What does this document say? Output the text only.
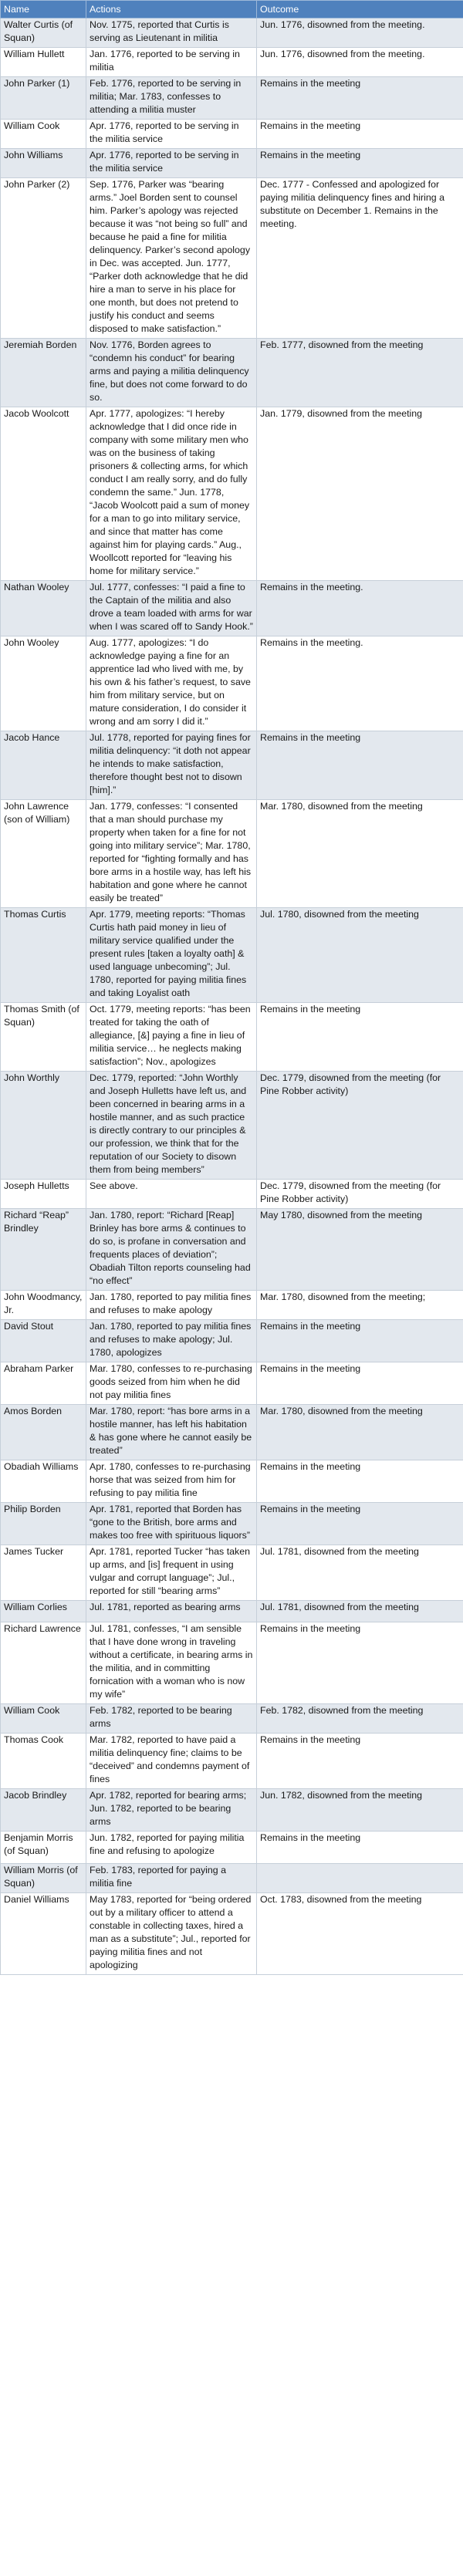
Name	Actions	Outcome
Walter Curtis (of Squan)	Nov. 1775, reported that Curtis is serving as Lieutenant in militia	Jun. 1776, disowned from the meeting.
William Hullett	Jan. 1776, reported to be serving in militia	Jun. 1776, disowned from the meeting.
John Parker (1)	Feb. 1776, reported to be serving in militia; Mar. 1783, confesses to attending a militia muster	Remains in the meeting
William Cook	Apr. 1776, reported to be serving in the militia service	Remains in the meeting
John Williams	Apr. 1776, reported to be serving in the militia service	Remains in the meeting
John Parker (2)	Sep. 1776, Parker was “bearing arms.” Joel Borden sent to counsel him. Parker’s apology was rejected because it was “not being so full” and because he paid a fine for militia delinquency. Parker’s second apology in Dec. was accepted. Jun. 1777, “Parker doth acknowledge that he did hire a man to serve in his place for one month, but does not pretend to justify his conduct and seems disposed to make satisfaction.”	Dec. 1777 - Confessed and apologized for paying militia delinquency fines and hiring a substitute on December 1. Remains in the meeting.
Jeremiah Borden	Nov. 1776, Borden agrees to “condemn his conduct” for bearing arms and paying a militia delinquency fine, but does not come forward to do so.	Feb. 1777, disowned from the meeting
Jacob Woolcott	Apr. 1777, apologizes: “I hereby acknowledge that I did once ride in company with some military men who was on the business of taking prisoners & collecting arms, for which conduct I am really sorry, and do fully condemn the same.” Jun. 1778, “Jacob Woolcott paid a sum of money for a man to go into military service, and since that matter has come against him for playing cards.” Aug., Woollcott reported for “leaving his home for military service.”	Jan. 1779, disowned from the meeting
Nathan Wooley	Jul. 1777, confesses: “I paid a fine to the Captain of the militia and also drove a team loaded with arms for war when I was scared off to Sandy Hook.”	Remains in the meeting.
John Wooley	Aug. 1777, apologizes: “I do acknowledge paying a fine for an apprentice lad who lived with me, by his own & his father’s request, to save him from military service, but on mature consideration, I do consider it wrong and am sorry I did it.”	Remains in the meeting.
Jacob Hance	Jul. 1778, reported for paying fines for militia delinquency: “it doth not appear he intends to make satisfaction, therefore thought best not to disown [him].”	Remains in the meeting
John Lawrence (son of William)	Jan. 1779, confesses: “I consented that a man should purchase my property when taken for a fine for not going into military service”; Mar. 1780, reported for “fighting formally and has bore arms in a hostile way, has left his habitation and gone where he cannot easily be treated”	Mar. 1780, disowned from the meeting
Thomas Curtis	Apr. 1779, meeting reports: “Thomas Curtis hath paid money in lieu of military service qualified under the present rules [taken a loyalty oath] & used language unbecoming”; Jul. 1780, reported for paying militia fines and taking Loyalist oath	Jul. 1780, disowned from the meeting
Thomas Smith (of Squan)	Oct. 1779, meeting reports: “has been treated for taking the oath of allegiance, [&] paying a fine in lieu of militia service… he neglects making satisfaction”; Nov., apologizes	Remains in the meeting
John Worthly	Dec. 1779, reported: “John Worthly and Joseph Hulletts have left us, and been concerned in bearing arms in a hostile manner, and as such practice is directly contrary to our principles & our profession, we think that for the reputation of our Society to disown them from being members”	Dec. 1779, disowned from the meeting (for Pine Robber activity)
Joseph Hulletts	See above.	Dec. 1779, disowned from the meeting (for Pine Robber activity)
Richard “Reap” Brindley	Jan. 1780, report: “Richard [Reap] Brinley has bore arms & continues to do so, is profane in conversation and frequents places of deviation”; Obadiah Tilton reports counseling had “no effect”	May 1780, disowned from the meeting
John Woodmancy, Jr.	Jan. 1780, reported to pay militia fines and refuses to make apology	Mar. 1780, disowned from the meeting;
David Stout	Jan. 1780, reported to pay militia fines and refuses to make apology; Jul. 1780, apologizes	Remains in the meeting
Abraham Parker	Mar. 1780, confesses to re-purchasing goods seized from him when he did not pay militia fines	Remains in the meeting
Amos Borden	Mar. 1780, report: “has bore arms in a hostile manner, has left his habitation & has gone where he cannot easily be treated”	Mar. 1780, disowned from the meeting
Obadiah Williams	Apr. 1780, confesses to re-purchasing horse that was seized from him for refusing to pay militia fine	Remains in the meeting
Philip Borden	Apr. 1781, reported that Borden has “gone to the British, bore arms and makes too free with spirituous liquors”	Remains in the meeting
James Tucker	Apr. 1781, reported Tucker “has taken up arms, and [is] frequent in using vulgar and corrupt language”; Jul., reported for still “bearing arms”	Jul. 1781, disowned from the meeting
William Corlies	Jul. 1781, reported as bearing arms	Jul. 1781, disowned from the meeting
Richard Lawrence	Jul. 1781, confesses, “I am sensible that I have done wrong in traveling without a certificate, in bearing arms in the militia, and in committing fornication with a woman who is now my wife”	Remains in the meeting
William Cook	Feb. 1782, reported to be bearing arms	Feb. 1782, disowned from the meeting
Thomas Cook	Mar. 1782, reported to have paid a militia delinquency fine; claims to be “deceived” and condemns payment of fines	Remains in the meeting
Jacob Brindley	Apr. 1782, reported for bearing arms; Jun. 1782, reported to be bearing arms	Jun. 1782, disowned from the meeting
Benjamin Morris (of Squan)	Jun. 1782, reported for paying militia fine and refusing to apologize	Remains in the meeting
William Morris (of Squan)	Feb. 1783, reported for paying a militia fine	
Daniel Williams	May 1783, reported for “being ordered out by a military officer to attend a constable in collecting taxes, hired a man as a substitute”; Jul., reported for paying militia fines and not apologizing	Oct. 1783, disowned from the meeting
